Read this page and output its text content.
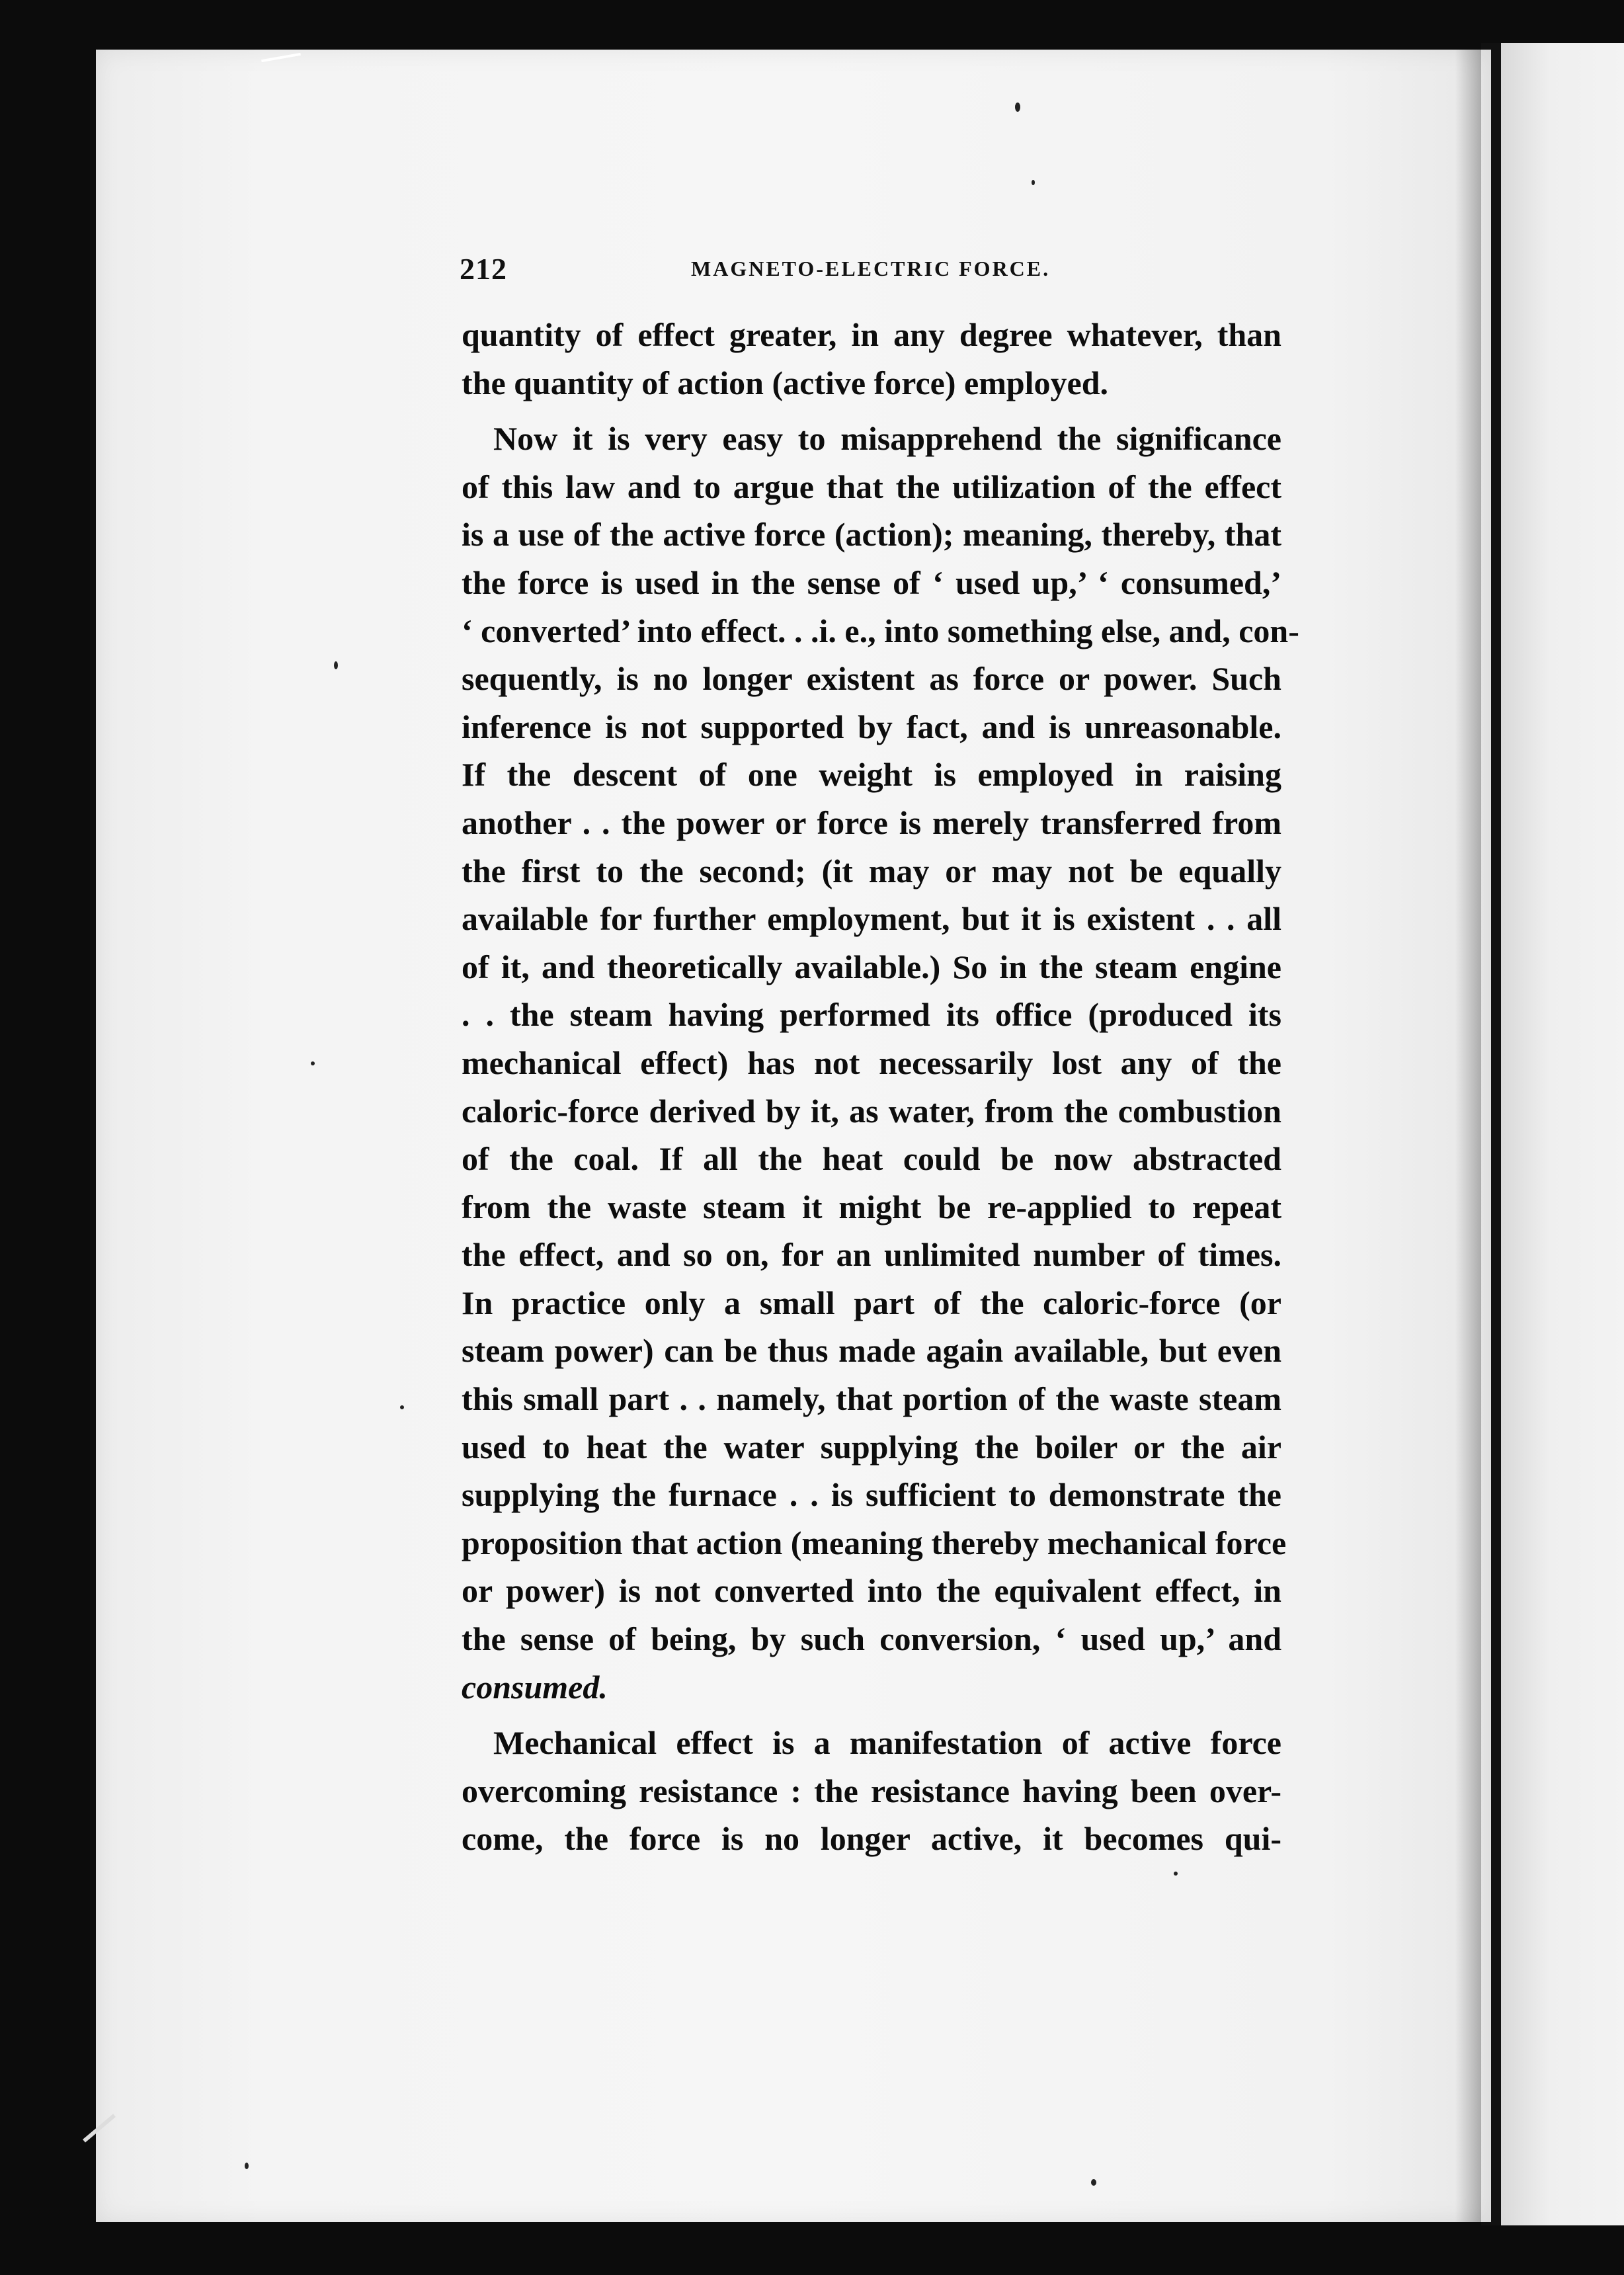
212	MAGNETO-ELECTRIC FORCE.
quantity of effect greater, in any degree whatever, than
the quantity of action (active force) employed.
Now it is very easy to misapprehend the significance
of this law and to argue that the utilization of the effect
is a use of the active force (action); meaning, thereby, that
the force is used in the sense of ‘ used up,’ ‘ consumed,’
‘ converted’ into effect. . .i. e., into something else, and, con-
sequently, is no longer existent as force or power. Such
inference is not supported by fact, and is unreasonable.
If the descent of one weight is employed in raising
another . . the power or force is merely transferred from
the first to the second; (it may or may not be equally
available for further employment, but it is existent . . all
of it, and theoretically available.) So in the steam engine
. . the steam having performed its office (produced its
mechanical effect) has not necessarily lost any of the
caloric-force derived by it, as water, from the combustion
of the coal. If all the heat could be now abstracted
from the waste steam it might be re-applied to repeat
the effect, and so on, for an unlimited number of times.
In practice only a small part of the caloric-force (or
steam power) can be thus made again available, but even
this small part . . namely, that portion of the waste steam
used to heat the water supplying the boiler or the air
supplying the furnace . . is sufficient to demonstrate the
proposition that action (meaning thereby mechanical force
or power) is not converted into the equivalent effect, in
the sense of being, by such conversion, ‘ used up,’ and
consumed.
Mechanical effect is a manifestation of active force
overcoming resistance : the resistance having been over-
come, the force is no longer active, it becomes qui-
